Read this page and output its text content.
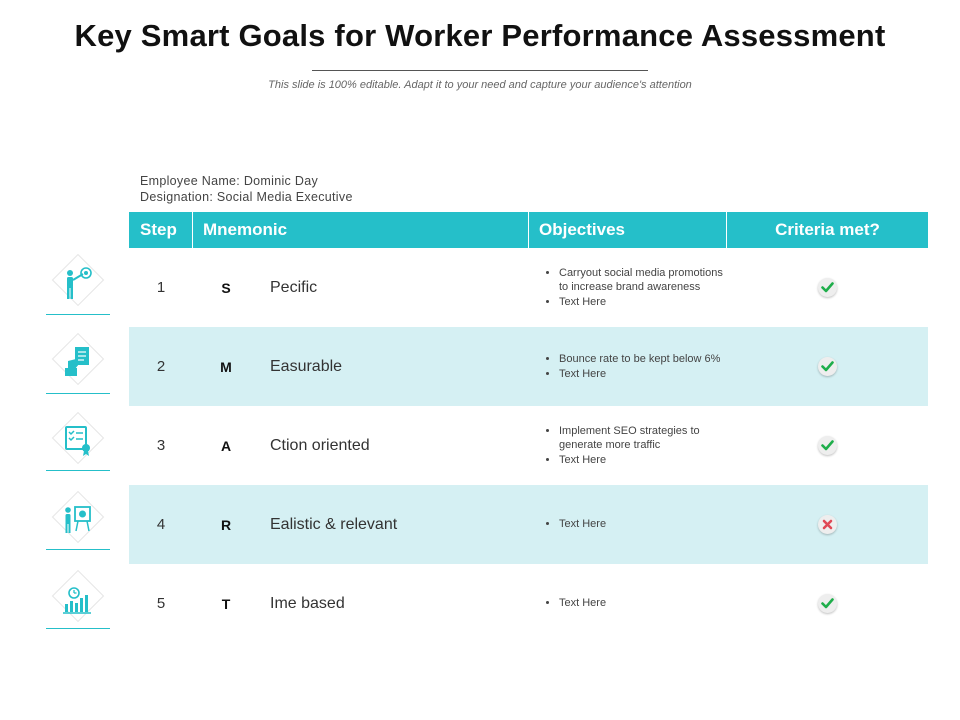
Key Smart Goals for Worker Performance Assessment
This slide is 100% editable. Adapt it to your need and capture your audience's attention
Employee Name: Dominic Day
Designation: Social Media Executive
Step	Mnemonic	Objectives	Criteria met?
1	S	Pecific
• Carryout social media promotions to increase brand awareness
• Text Here
2	M	Easurable	• Bounce rate to be kept below 6%
• Text Here
3	A	Ction oriented
• Implement SEO strategies to generate more traffic
• Text Here
4	R	Ealistic & relevant	• Text Here
5	T	Ime based	• Text Here
